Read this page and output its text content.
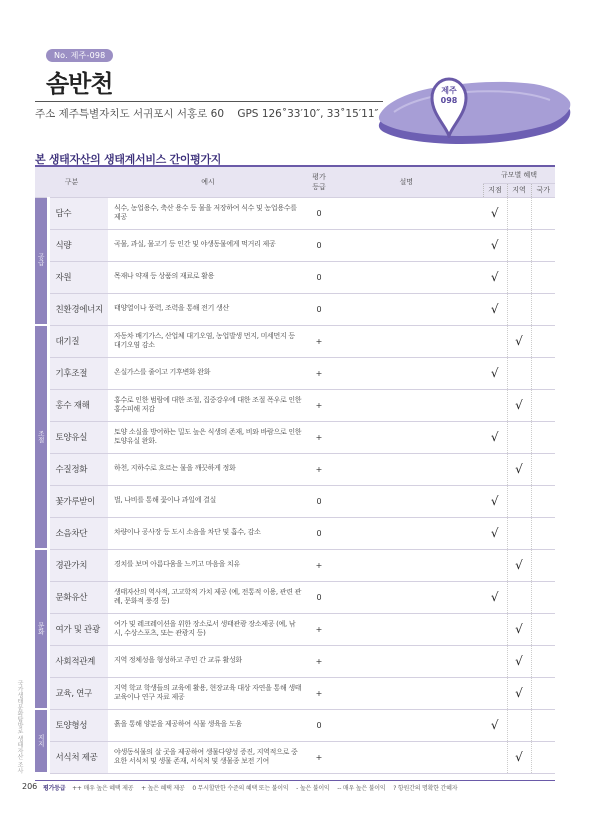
No. 제주-098
솜반천
주소 제주특별자치도 서귀포시 서홍로 60 GPS 126˚33′10″, 33˚15′11″
제주
098
본 생태자산의 생태계서비스 간이평가지
구분		예시	평가
등급	설명	규모별 혜택		
					지점	지역	국가
공급	담수	식수, 농업용수, 축산 용수 등 물을 저장하여 식수 및 농업용수를 제공	0		√		
	식량	곡물, 과실, 물고기 등 인간 및 야생동물에게 먹거리 제공	0		√		
	자원	목재나 약재 등 상품의 재료로 활용	0		√		
	친환경에너지	태양열이나 풍력, 조력을 통해 전기 생산	0		√		
조절	대기질	자동차 배기가스, 산업체 대기오염, 농업발생 먼지, 미세먼지 등 대기오염 감소	+			√	
	기후조절	온실가스를 줄이고 기후변화 완화	+		√		
	홍수 재해	홍수로 인한 범람에 대한 조절, 집중강우에 대한 조절 폭우로 인한 홍수피해 저감	+			√	
	토양유실	토양 소실을 방어하는 밀도 높은 식생의 존재, 비와 바람으로 인한 토양유실 완화.	+		√		
	수질정화	하천, 지하수로 흐르는 물을 깨끗하게 정화	+			√	
	꽃가루받이	벌, 나비를 통해 꽃이나 과일에 결실	0		√		
	소음차단	차량이나 공사장 등 도시 소음을 차단 및 흡수, 감소	0		√		
문화	경관가치	경치를 보며 아름다움을 느끼고 마음을 치유	+			√	
	문화유산	생태자산의 역사적, 고고학적 가치 제공 (예, 전통적 이용, 관련 관례, 문화적 풍경 등)	0		√		
	여가 및 관광	여가 및 레크레이션을 위한 장소로서 생태관광 장소제공 (예, 낚시, 수상스포츠, 또는 관광지 등)	+			√	
	사회적관계	지역 정체성을 형성하고 주민 간 교류 활성화	+			√	
	교육, 연구	지역 학교 학생들의 교육에 활용, 현장교육 대상 자연을 통해 생태교육이나 연구 자료 제공	+			√	
지지	토양형성	흙을 통해 양분을 제공하여 식물 생육을 도움	0		√		
	서식처 제공	야생동식물의 살 곳을 제공하여 생물다양성 증진, 지역적으로 중요한 서식처 및 생물 존재, 서식처 및 생물종 보전 기여	+			√	
국가생태문화탐방로 생태자산 조사
206 평가등급 ++ 매우 높은 혜택 제공 + 높은 혜택 제공 0 무시할만한 수준의 혜택 또는 불이익 - 높은 불이익 -- 매우 높은 불이익 ? 항원간의 명확한 간혜자
